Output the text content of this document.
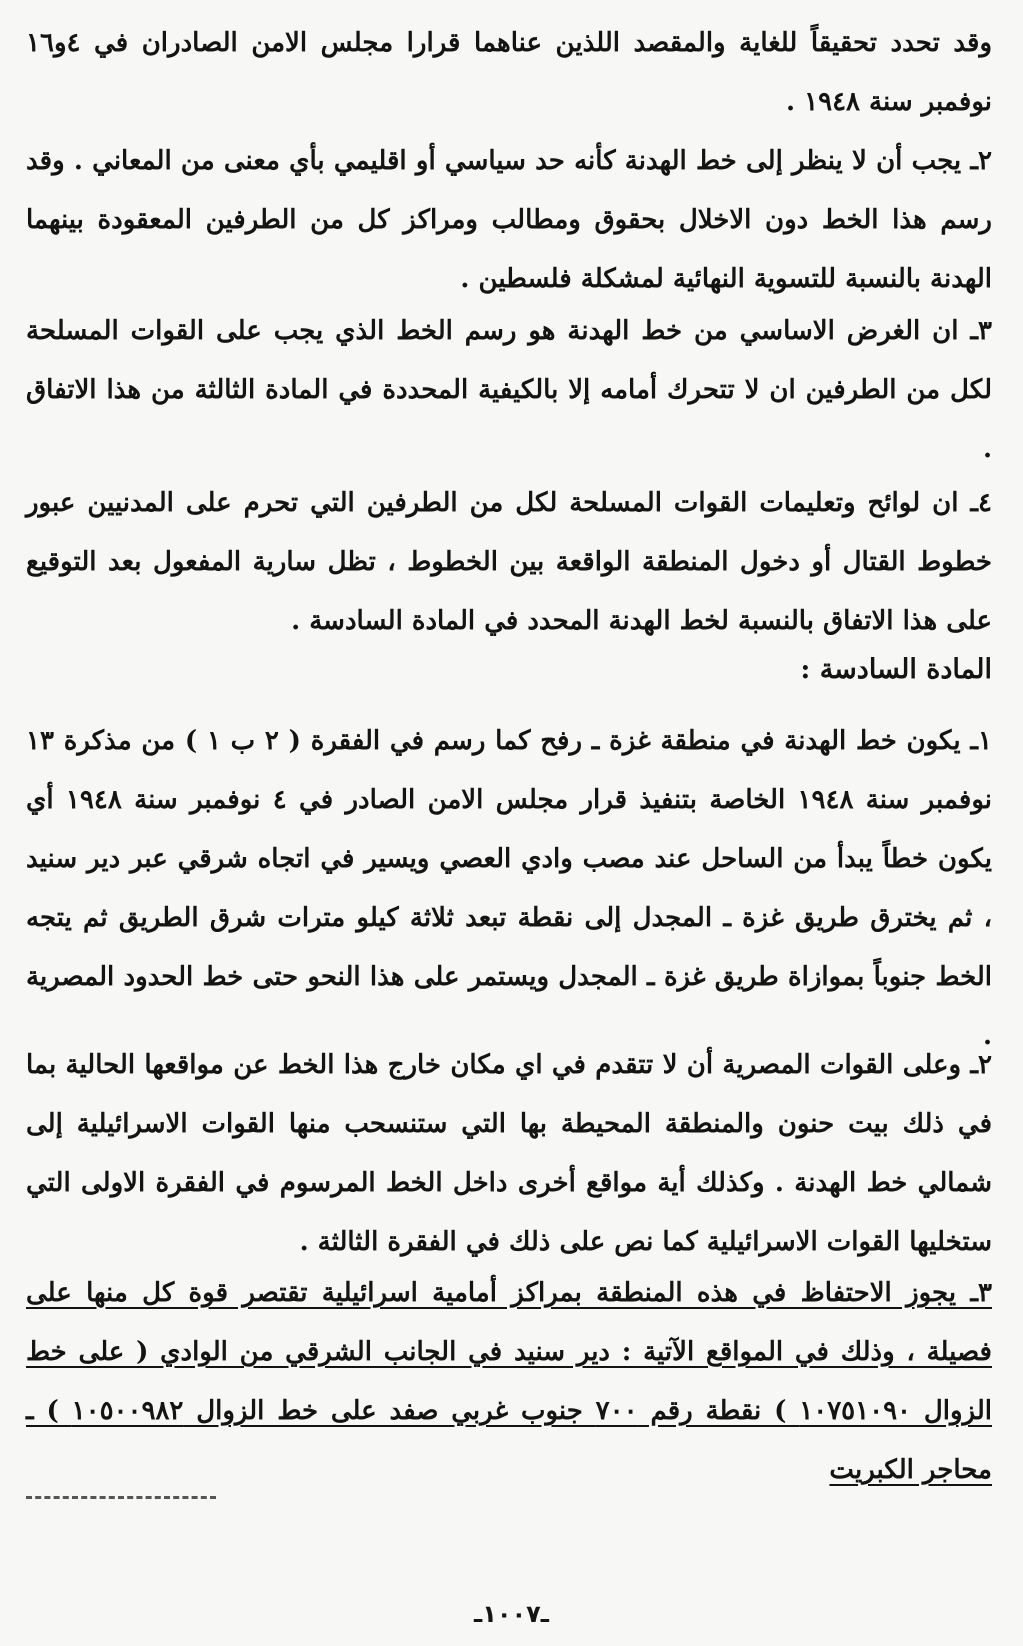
وقد تحدد تحقيقاً للغاية والمقصد اللذين عناهما قرارا مجلس الامن الصادران في ٤و١٦ نوفمبر سنة ١٩٤٨ .
٢ـ يجب أن لا ينظر إلى خط الهدنة كأنه حد سياسي أو اقليمي بأي معنى من المعاني . وقد رسم هذا الخط دون الاخلال بحقوق ومطالب ومراكز كل من الطرفين المعقودة بينهما الهدنة بالنسبة للتسوية النهائية لمشكلة فلسطين .
٣ـ ان الغرض الاساسي من خط الهدنة هو رسم الخط الذي يجب على القوات المسلحة لكل من الطرفين ان لا تتحرك أمامه إلا بالكيفية المحددة في المادة الثالثة من هذا الاتفاق .
٤ـ ان لوائح وتعليمات القوات المسلحة لكل من الطرفين التي تحرم على المدنيين عبور خطوط القتال أو دخول المنطقة الواقعة بين الخطوط ، تظل سارية المفعول بعد التوقيع على هذا الاتفاق بالنسبة لخط الهدنة المحدد في المادة السادسة .
المادة السادسة :
١ـ يكون خط الهدنة في منطقة غزة ـ رفح كما رسم في الفقرة ( ٢ ب ١ ) من مذكرة ١٣ نوفمبر سنة ١٩٤٨ الخاصة بتنفيذ قرار مجلس الامن الصادر في ٤ نوفمبر سنة ١٩٤٨ أي يكون خطاً يبدأ من الساحل عند مصب وادي العصي ويسير في اتجاه شرقي عبر دير سنيد ، ثم يخترق طريق غزة ـ المجدل إلى نقطة تبعد ثلاثة كيلو مترات شرق الطريق ثم يتجه الخط جنوباً بموازاة طريق غزة ـ المجدل ويستمر على هذا النحو حتى خط الحدود المصرية .
٢ـ وعلى القوات المصرية أن لا تتقدم في اي مكان خارج هذا الخط عن مواقعها الحالية بما في ذلك بيت حنون والمنطقة المحيطة بها التي ستنسحب منها القوات الاسرائيلية إلى شمالي خط الهدنة . وكذلك أية مواقع أخرى داخل الخط المرسوم في الفقرة الاولى التي ستخليها القوات الاسرائيلية كما نص على ذلك في الفقرة الثالثة .
٣ـ يجوز الاحتفاظ في هذه المنطقة بمراكز أمامية اسرائيلية تقتصر قوة كل منها على فصيلة ، وذلك في المواقع الآتية : دير سنيد في الجانب الشرقي من الوادي ( على خط الزوال ١٠٧٥١٠٩٠ ) نقطة رقم ٧٠٠ جنوب غربي صفد على خط الزوال ١٠٥٠٠٩٨٢ ) ـ محاجر الكبريت
ـ١٠٠٧ـ
